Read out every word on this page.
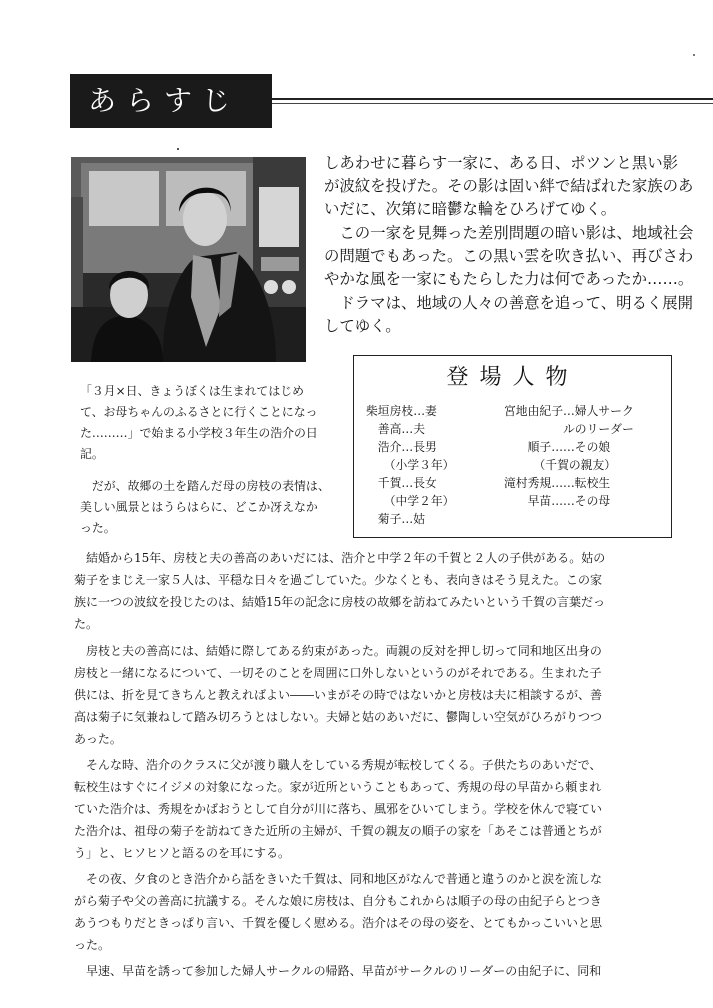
あらすじ

しあわせに暮らす一家に、ある日、ポツンと黒い影

が波紋を投げた。その影は固い絆で結ばれた家族のあ

いだに、次第に暗鬱な輪をひろげてゆく。

　この一家を見舞った差別問題の暗い影は、地域社会

の問題でもあった。この黒い雲を吹き払い、再びさわ

やかな風を一家にもたらした力は何であったか……。

　ドラマは、地域の人々の善意を追って、明るく展開

してゆく。

登場人物
柴垣房枝…妻
　善高…夫
　浩介…長男
　　（小学３年）
　千賀…長女
　　（中学２年）
　菊子…姑
宮地由紀子…婦人サーク
　　　　　ルのリーダー
　　順子……その娘
　　　（千賀の親友）
滝村秀規……転校生
　　早苗……その母

「３月×日、きょうぼくは生まれてはじめ

て、お母ちゃんのふるさとに行くことになっ

た………」で始まる小学校３年生の浩介の日

記。

　だが、故郷の土を踏んだ母の房枝の表情は、

美しい風景とはうらはらに、どこか冴えなか

った。

　結婚から15年、房枝と夫の善高のあいだには、浩介と中学２年の千賀と２人の子供がある。姑の

菊子をまじえ一家５人は、平穏な日々を過ごしていた。少なくとも、表向きはそう見えた。この家

族に一つの波紋を投じたのは、結婚15年の記念に房枝の故郷を訪ねてみたいという千賀の言葉だっ

た。

　房枝と夫の善高には、結婚に際してある約束があった。両親の反対を押し切って同和地区出身の

房枝と一緒になるについて、一切そのことを周囲に口外しないというのがそれである。生まれた子

供には、折を見てきちんと教えればよい――いまがその時ではないかと房枝は夫に相談するが、善

高は菊子に気兼ねして踏み切ろうとはしない。夫婦と姑のあいだに、鬱陶しい空気がひろがりつつ

あった。

　そんな時、浩介のクラスに父が渡り職人をしている秀規が転校してくる。子供たちのあいだで、

転校生はすぐにイジメの対象になった。家が近所ということもあって、秀規の母の早苗から頼まれ

ていた浩介は、秀規をかばおうとして自分が川に落ち、風邪をひいてしまう。学校を休んで寝てい

た浩介は、祖母の菊子を訪ねてきた近所の主婦が、千賀の親友の順子の家を「あそこは普通とちが

う」と、ヒソヒソと語るのを耳にする。

　その夜、夕食のとき浩介から話をきいた千賀は、同和地区がなんで普通と違うのかと涙を流しな

がら菊子や父の善高に抗議する。そんな娘に房枝は、自分もこれからは順子の母の由紀子らとつき

あうつもりだときっぱり言い、千賀を優しく慰める。浩介はその母の姿を、とてもかっこいいと思

った。

　早速、早苗を誘って参加した婦人サークルの帰路、早苗がサークルのリーダーの由紀子に、同和
